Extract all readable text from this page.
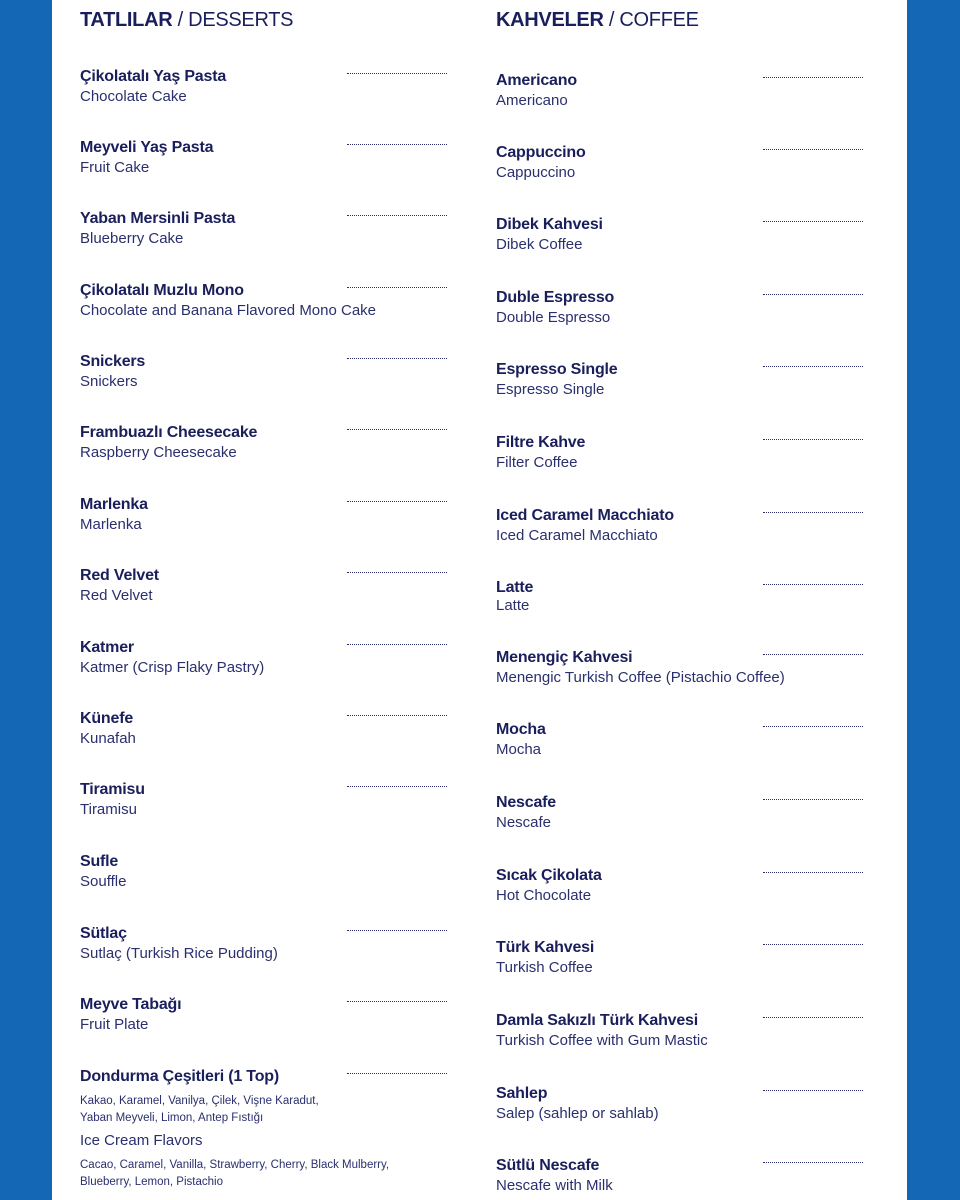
TATLILAR / DESSERTS
Çikolatalı Yaş Pasta
Chocolate Cake
Meyveli Yaş Pasta
Fruit Cake
Yaban Mersinli Pasta
Blueberry Cake
Çikolatalı Muzlu Mono
Chocolate and Banana Flavored Mono Cake
Snickers
Snickers
Frambuazlı Cheesecake
Raspberry Cheesecake
Marlenka
Marlenka
Red Velvet
Red Velvet
Katmer
Katmer (Crisp Flaky Pastry)
Künefe
Kunafah
Tiramisu
Tiramisu
Sufle
Souffle
Sütlaç
Sutlaç (Turkish Rice Pudding)
Meyve Tabağı
Fruit Plate
Dondurma Çeşitleri (1 Top)
Kakao, Karamel, Vanilya, Çilek, Vişne Karadut,
Yaban Meyveli, Limon, Antep Fıstığı
Ice Cream Flavors
Cacao, Caramel, Vanilla, Strawberry, Cherry, Black Mulberry,
Blueberry, Lemon, Pistachio
KAHVELER / COFFEE
Americano
Americano
Cappuccino
Cappuccino
Dibek Kahvesi
Dibek Coffee
Duble Espresso
Double Espresso
Espresso Single
Espresso Single
Filtre Kahve
Filter Coffee
Iced Caramel Macchiato
Iced Caramel Macchiato
Latte
Latte
Menengiç Kahvesi
Menengic Turkish Coffee (Pistachio Coffee)
Mocha
Mocha
Nescafe
Nescafe
Sıcak Çikolata
Hot Chocolate
Türk Kahvesi
Turkish Coffee
Damla Sakızlı Türk Kahvesi
Turkish Coffee with Gum Mastic
Sahlep
Salep (sahlep or sahlab)
Sütlü Nescafe
Nescafe with Milk
